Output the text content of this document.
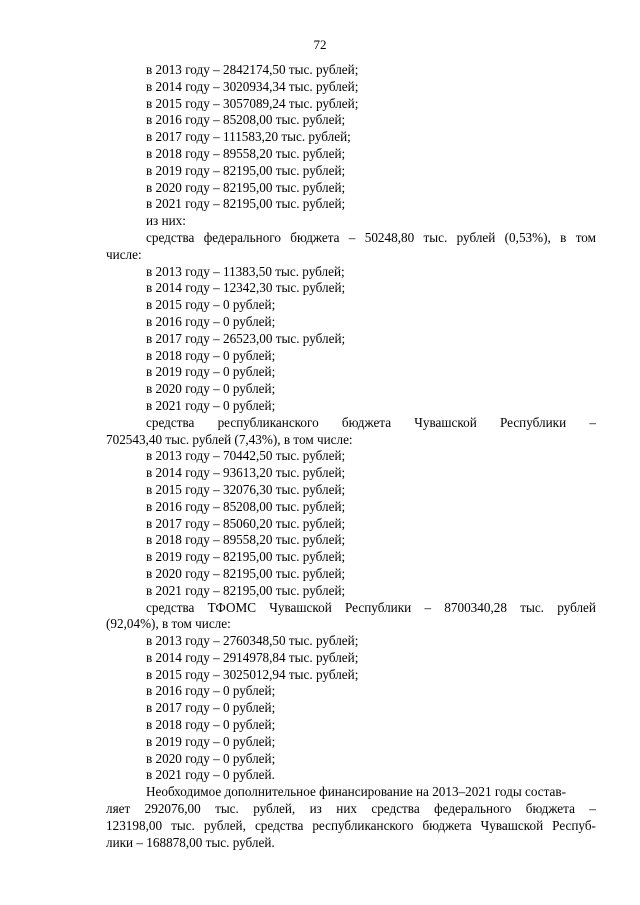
72
в 2013 году – 2842174,50 тыс. рублей;
в 2014 году – 3020934,34 тыс. рублей;
в 2015 году – 3057089,24 тыс. рублей;
в 2016 году – 85208,00 тыс. рублей;
в 2017 году – 111583,20 тыс. рублей;
в 2018 году – 89558,20 тыс. рублей;
в 2019 году – 82195,00 тыс. рублей;
в 2020 году – 82195,00 тыс. рублей;
в 2021 году – 82195,00 тыс. рублей;
из них:
средства федерального бюджета – 50248,80 тыс. рублей (0,53%), в том
числе:
в 2013 году – 11383,50 тыс. рублей;
в 2014 году – 12342,30 тыс. рублей;
в 2015 году – 0 рублей;
в 2016 году – 0 рублей;
в 2017 году – 26523,00 тыс. рублей;
в 2018 году – 0 рублей;
в 2019 году – 0 рублей;
в 2020 году – 0 рублей;
в 2021 году – 0 рублей;
средства республиканского бюджета Чувашской Республики –
702543,40 тыс. рублей (7,43%), в том числе:
в 2013 году – 70442,50 тыс. рублей;
в 2014 году – 93613,20 тыс. рублей;
в 2015 году – 32076,30 тыс. рублей;
в 2016 году – 85208,00 тыс. рублей;
в 2017 году – 85060,20 тыс. рублей;
в 2018 году – 89558,20 тыс. рублей;
в 2019 году – 82195,00 тыс. рублей;
в 2020 году – 82195,00 тыс. рублей;
в 2021 году – 82195,00 тыс. рублей;
средства ТФОМС Чувашской Республики – 8700340,28 тыс. рублей
(92,04%), в том числе:
в 2013 году – 2760348,50 тыс. рублей;
в 2014 году – 2914978,84 тыс. рублей;
в 2015 году – 3025012,94 тыс. рублей;
в 2016 году – 0 рублей;
в 2017 году – 0 рублей;
в 2018 году – 0 рублей;
в 2019 году – 0 рублей;
в 2020 году – 0 рублей;
в 2021 году – 0 рублей.
Необходимое дополнительное финансирование на 2013–2021 годы состав-
ляет 292076,00 тыс. рублей, из них средства федерального бюджета –
123198,00 тыс. рублей, средства республиканского бюджета Чувашской Респуб-
лики – 168878,00 тыс. рублей.
